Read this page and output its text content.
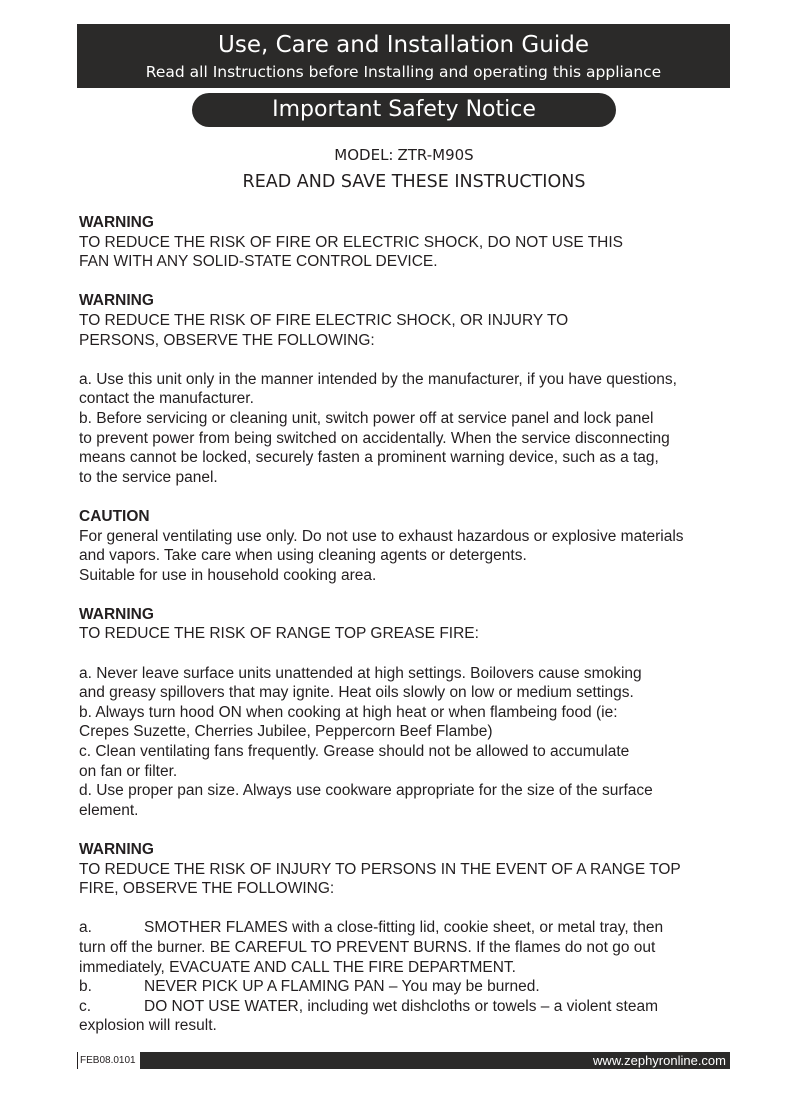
Use, Care and Installation Guide
Read all Instructions before Installing and operating this appliance
Important Safety Notice
MODEL: ZTR-M90S
READ AND SAVE THESE INSTRUCTIONS

WARNING

TO REDUCE THE RISK OF FIRE OR ELECTRIC SHOCK, DO NOT USE THIS

FAN WITH ANY SOLID-STATE CONTROL DEVICE.

WARNING

TO REDUCE THE RISK OF FIRE ELECTRIC SHOCK, OR INJURY TO

PERSONS, OBSERVE THE FOLLOWING:

a. Use this unit only in the manner intended by the manufacturer, if you have questions,

contact the manufacturer.

b. Before servicing or cleaning unit, switch power off at service panel and lock panel

to prevent power from being switched on accidentally. When the service disconnecting

means cannot be locked, securely fasten a prominent warning device, such as a tag,

to the service panel.

CAUTION

For general ventilating use only. Do not use to exhaust hazardous or explosive materials

and vapors. Take care when using cleaning agents or detergents.

Suitable for use in household cooking area.

WARNING

TO REDUCE THE RISK OF RANGE TOP GREASE FIRE:

a. Never leave surface units unattended at high settings. Boilovers cause smoking

and greasy spillovers that may ignite. Heat oils slowly on low or medium settings.

b. Always turn hood ON when cooking at high heat or when flambeing food (ie:

Crepes Suzette, Cherries Jubilee, Peppercorn Beef Flambe)

c. Clean ventilating fans frequently. Grease should not be allowed to accumulate

on fan or filter.

d. Use proper pan size. Always use cookware appropriate for the size of the surface

element.

WARNING

TO REDUCE THE RISK OF INJURY TO PERSONS IN THE EVENT OF A RANGE TOP

FIRE, OBSERVE THE FOLLOWING:

a.	SMOTHER FLAMES with a close-fitting lid, cookie sheet, or metal tray, then

turn off the burner. BE CAREFUL TO PREVENT BURNS. If the flames do not go out

immediately, EVACUATE AND CALL THE FIRE DEPARTMENT.

b.	NEVER PICK UP A FLAMING PAN – You may be burned.

c.	DO NOT USE WATER, including wet dishcloths or towels – a violent steam

explosion will result.

FEB08.0101	www.zephyronline.com
